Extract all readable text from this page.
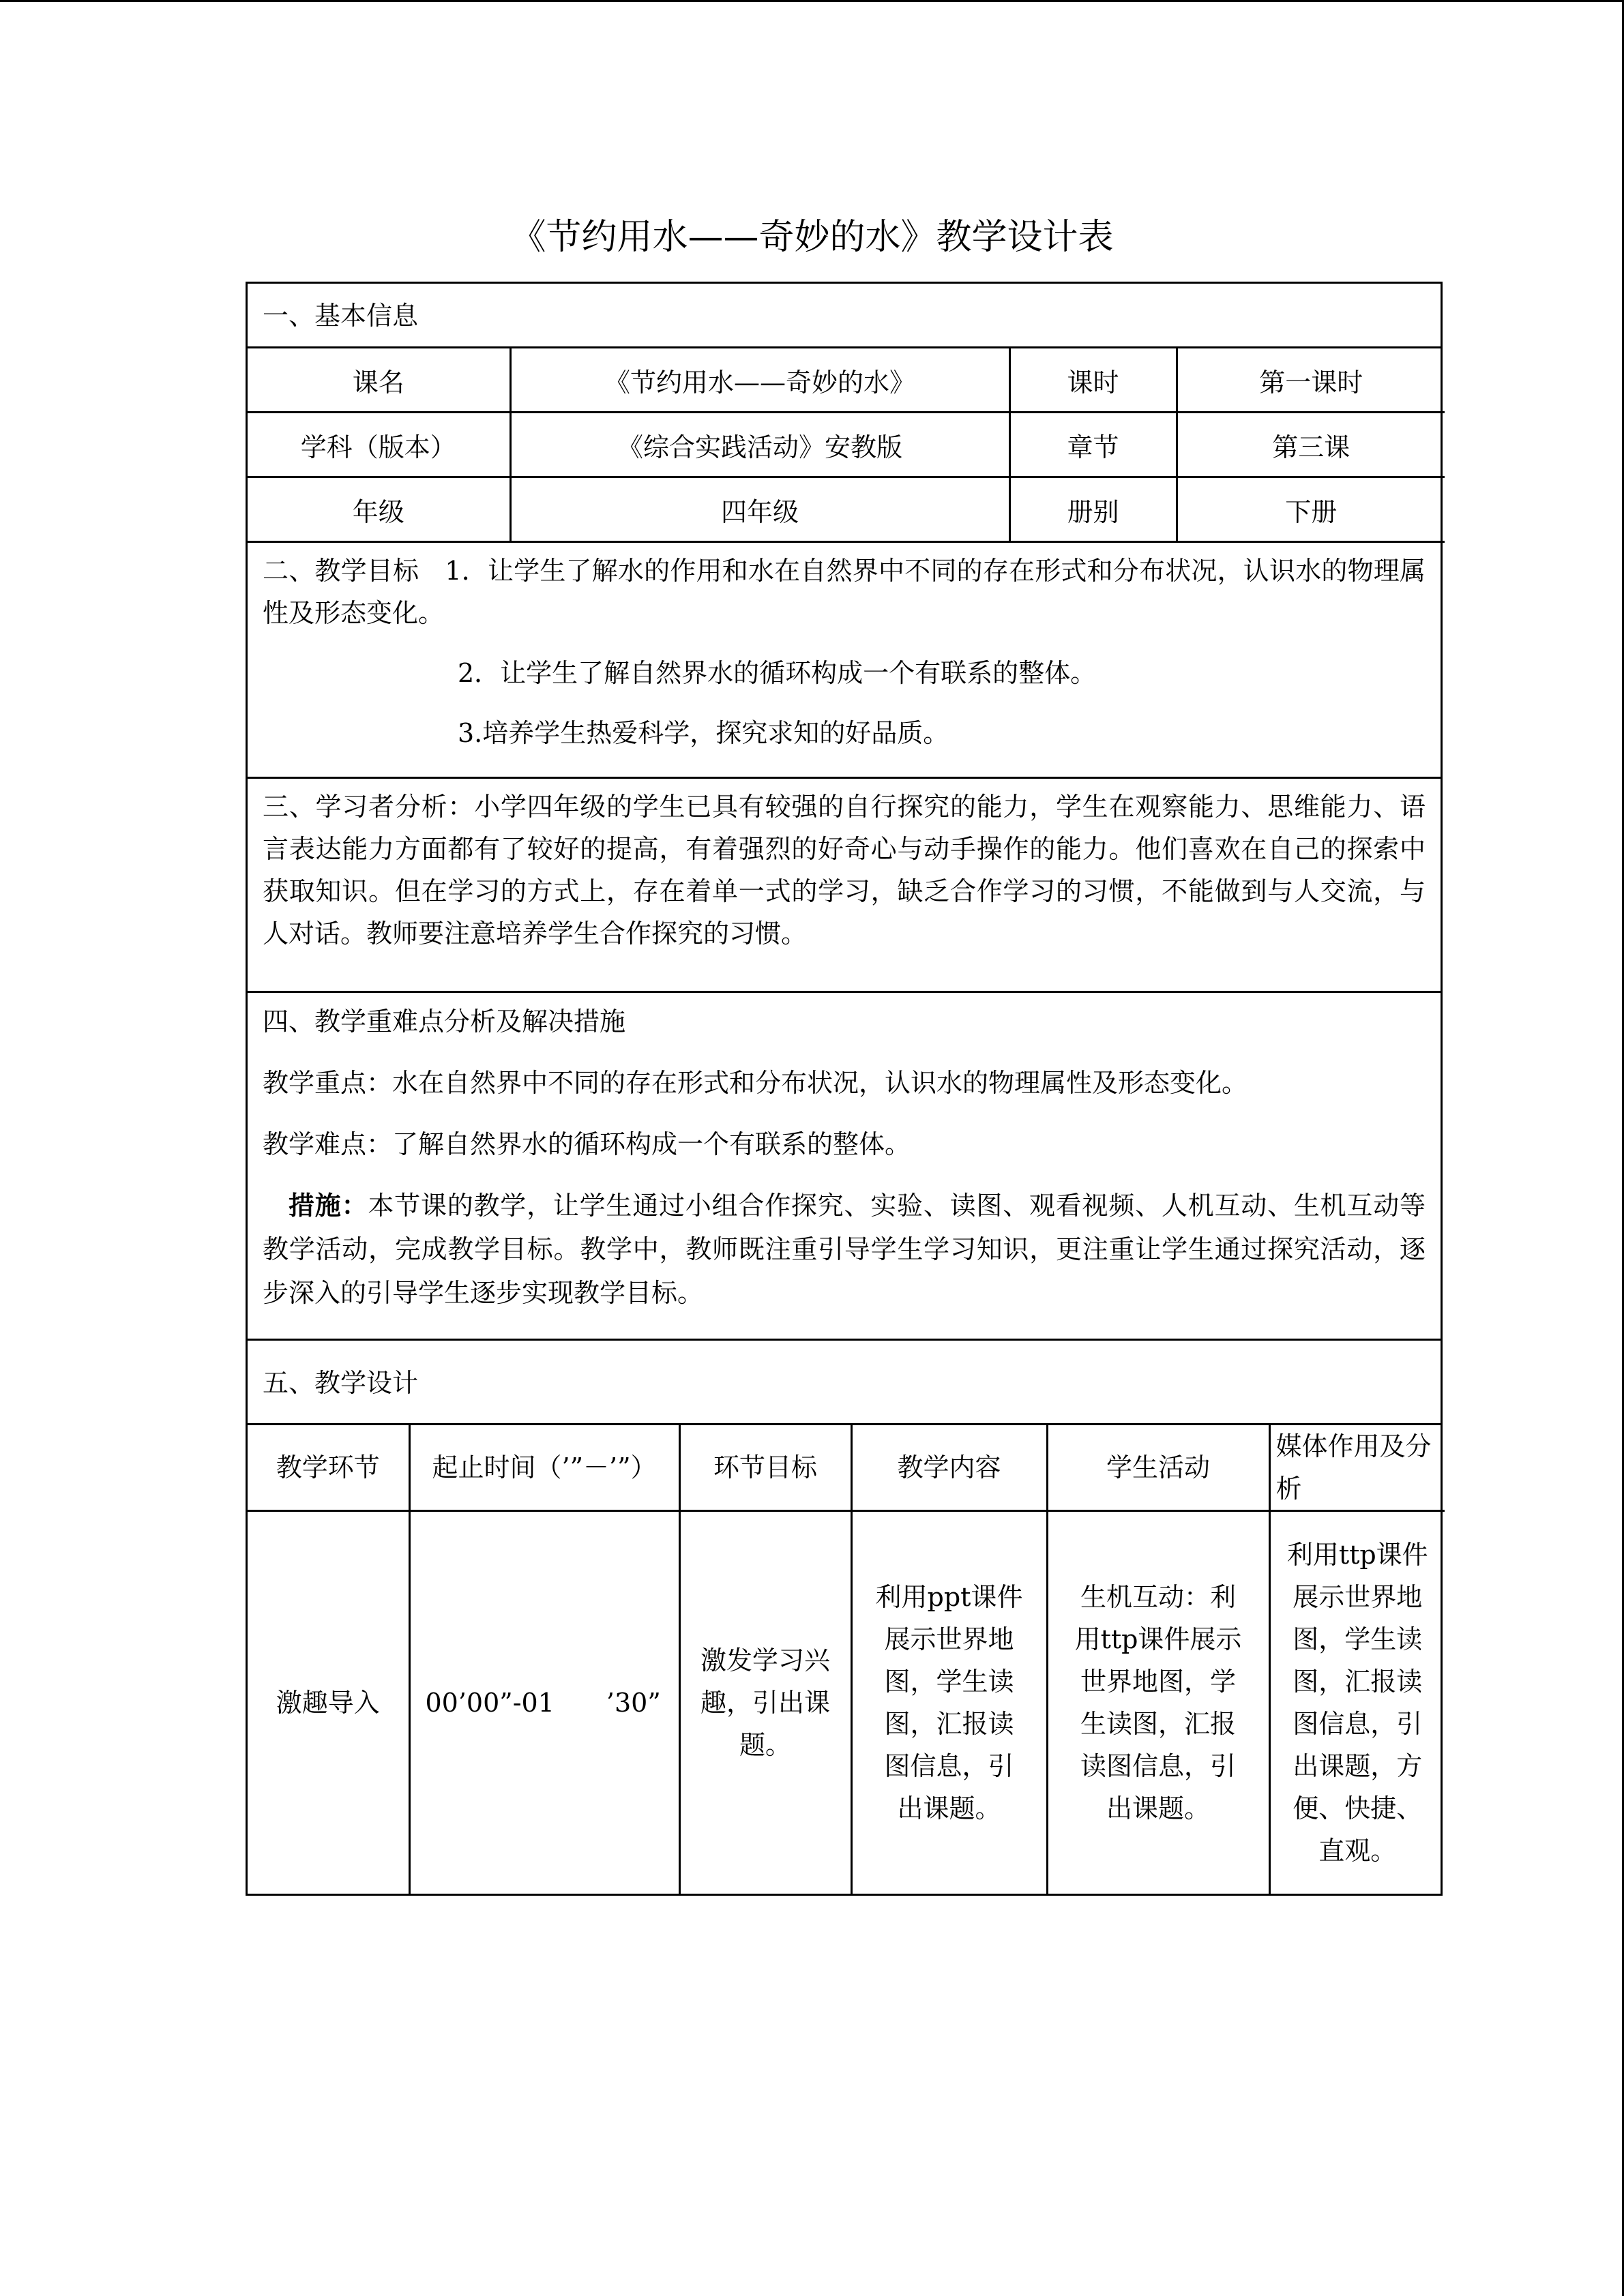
《节约用水——奇妙的水》教学设计表
一、基本信息
课名	《节约用水——奇妙的水》	课时	第一课时
学科（版本）	《综合实践活动》安教版	章节	第三课
年级	四年级	册别	下册

二、教学目标　1．让学生了解水的作用和水在自然界中不同的存在形式和分布状况，认识水的物理属性及形态变化。

2．让学生了解自然界水的循环构成一个有联系的整体。

3.培养学生热爱科学，探究求知的好品质。

三、学习者分析：小学四年级的学生已具有较强的自行探究的能力，学生在观察能力、思维能力、语言表达能力方面都有了较好的提高，有着强烈的好奇心与动手操作的能力。他们喜欢在自己的探索中获取知识。但在学习的方式上，存在着单一式的学习，缺乏合作学习的习惯，不能做到与人交流，与人对话。教师要注意培养学生合作探究的习惯。

四、教学重难点分析及解决措施

教学重点：水在自然界中不同的存在形式和分布状况，认识水的物理属性及形态变化。

教学难点：了解自然界水的循环构成一个有联系的整体。

措施：本节课的教学，让学生通过小组合作探究、实验、读图、观看视频、人机互动、生机互动等教学活动，完成教学目标。教学中，教师既注重引导学生学习知识，更注重让学生通过探究活动，逐步深入的引导学生逐步实现教学目标。

五、教学设计
教学环节	起止时间（’”－’”）	环节目标	教学内容	学生活动	媒体作用及分析
激趣导入	00’00”-01　　’30”	激发学习兴趣，引出课题。	利用ppt课件展示世界地图，学生读图，汇报读图信息，引出课题。	生机互动：利用ttp课件展示世界地图，学生读图，汇报读图信息，引出课题。	利用ttp课件展示世界地图，学生读图，汇报读图信息，引出课题，方便、快捷、直观。
